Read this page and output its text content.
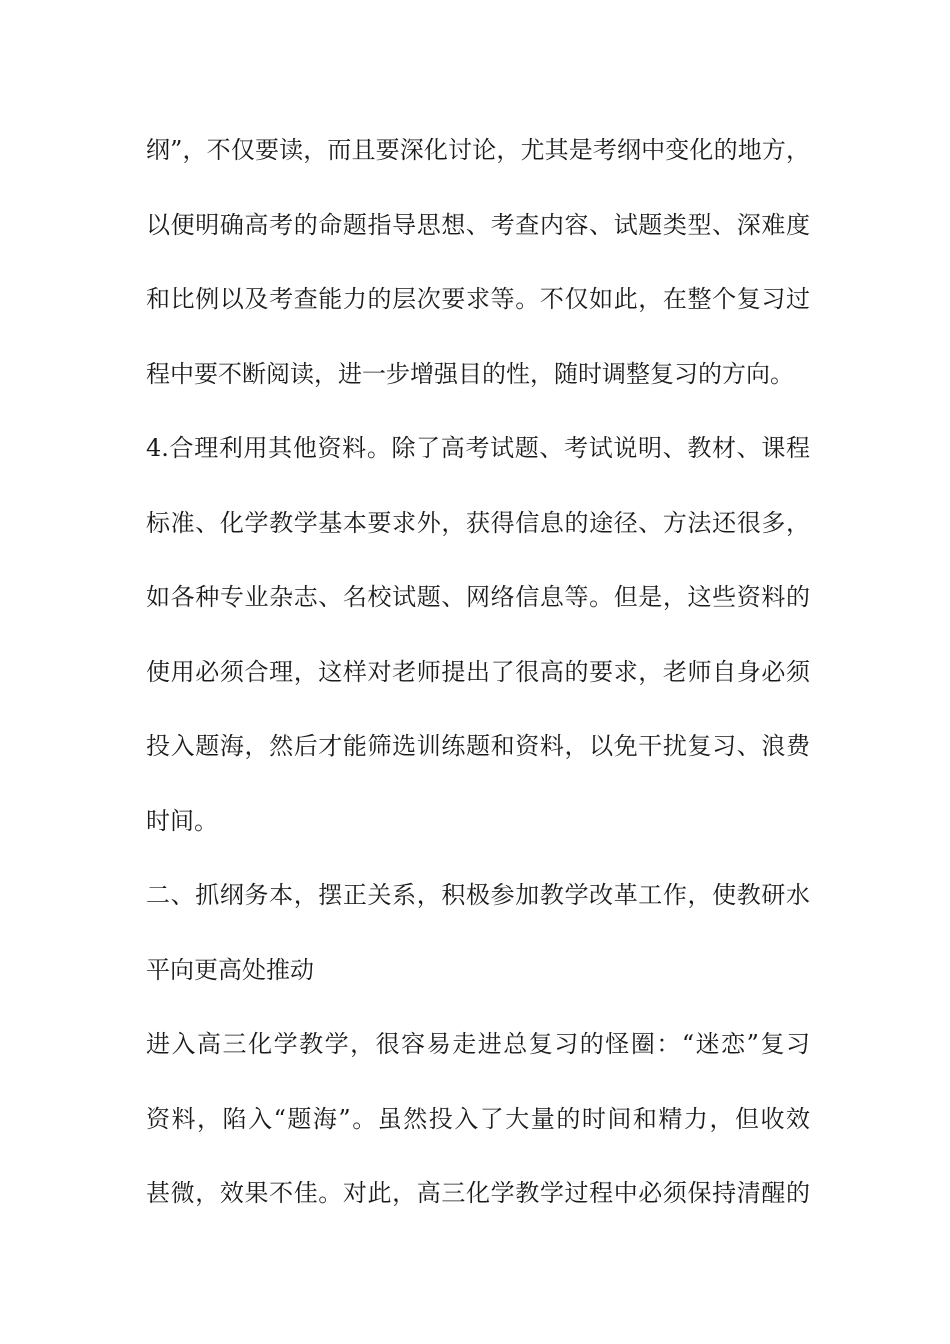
纲”，不仅要读，而且要深化讨论，尤其是考纲中变化的地方，
以便明确高考的命题指导思想、考查内容、试题类型、深难度
和比例以及考查能力的层次要求等。不仅如此，在整个复习过
程中要不断阅读，进一步增强目的性，随时调整复习的方向。
4.合理利用其他资料。除了高考试题、考试说明、教材、课程
标准、化学教学基本要求外，获得信息的途径、方法还很多，
如各种专业杂志、名校试题、网络信息等。但是，这些资料的
使用必须合理，这样对老师提出了很高的要求，老师自身必须
投入题海，然后才能筛选训练题和资料，以免干扰复习、浪费
时间。
二、抓纲务本，摆正关系，积极参加教学改革工作，使教研水
平向更高处推动
进入高三化学教学，很容易走进总复习的怪圈：“迷恋”复习
资料，陷入“题海”。虽然投入了大量的时间和精力，但收效
甚微，效果不佳。对此，高三化学教学过程中必须保持清醒的
